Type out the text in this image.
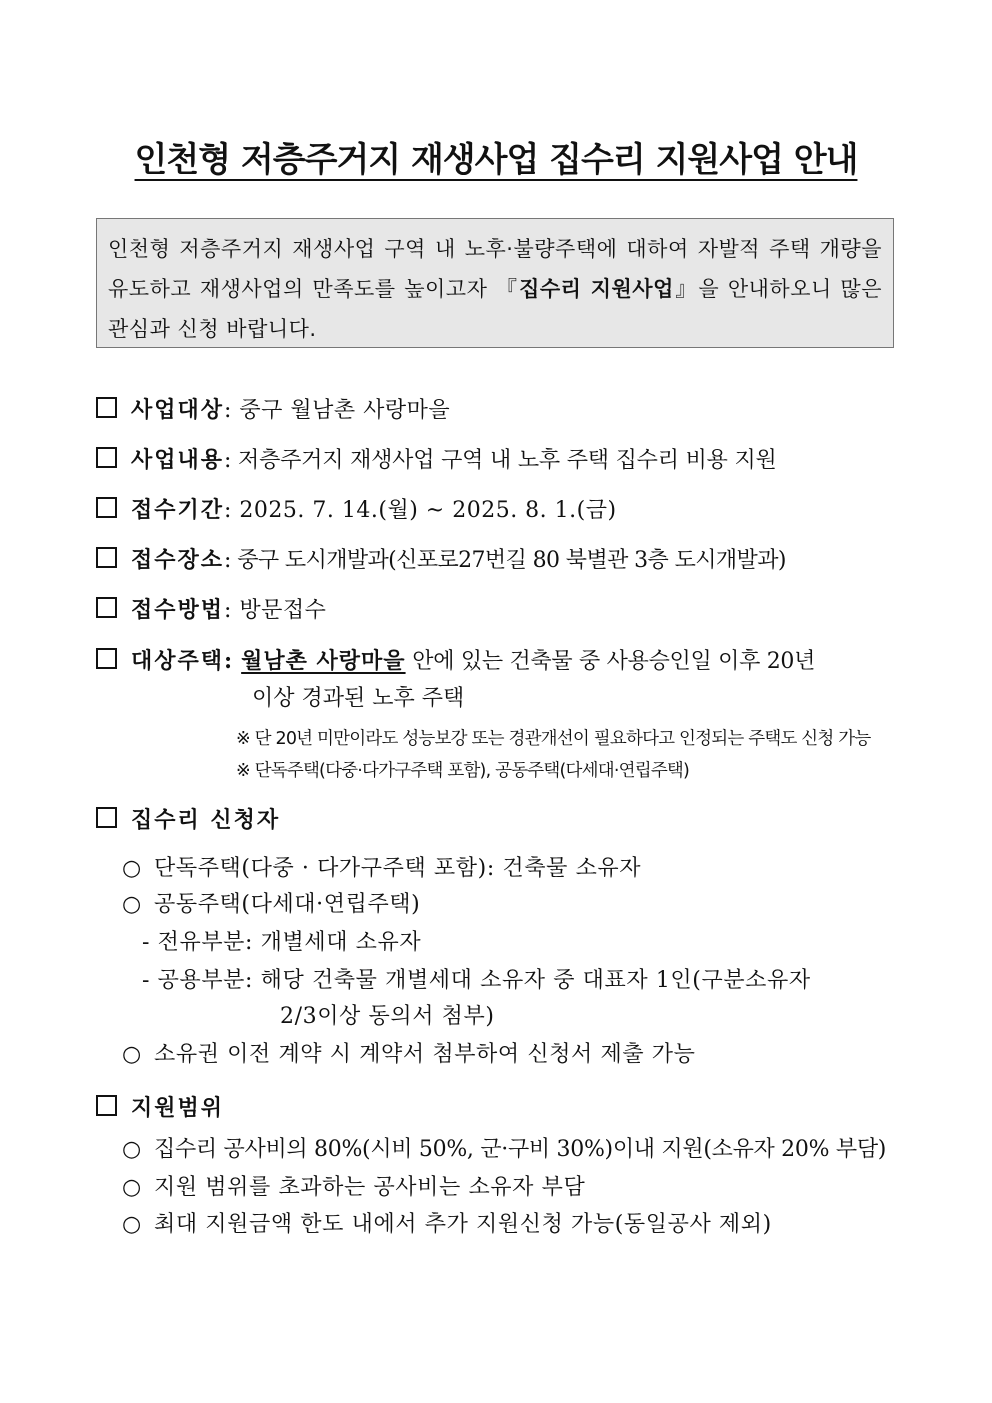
인천형 저층주거지 재생사업 집수리 지원사업 안내
인천형 저층주거지 재생사업 구역 내 노후·불량주택에 대하여 자발적 주택 개량을 유도하고 재생사업의 만족도를 높이고자 『집수리 지원사업』을 안내하오니 많은 관심과 신청 바랍니다.
사업대상: 중구 월남촌 사랑마을
사업내용: 저층주거지 재생사업 구역 내 노후 주택 집수리 비용 지원
접수기간: 2025. 7. 14.(월) ~ 2025. 8. 1.(금)
접수장소: 중구 도시개발과(신포로27번길 80 북별관 3층 도시개발과)
접수방법: 방문접수
대상주택: 월남촌 사랑마을 안에 있는 건축물 중 사용승인일 이후 20년
이상 경과된 노후 주택
※ 단 20년 미만이라도 성능보강 또는 경관개선이 필요하다고 인정되는 주택도 신청 가능
※ 단독주택(다중·다가구주택 포함), 공동주택(다세대·연립주택)
집수리 신청자
○ 단독주택(다중 · 다가구주택 포함): 건축물 소유자
○ 공동주택(다세대·연립주택)
- 전유부분: 개별세대 소유자
- 공용부분: 해당 건축물 개별세대 소유자 중 대표자 1인(구분소유자
2/3이상 동의서 첨부)
○ 소유권 이전 계약 시 계약서 첨부하여 신청서 제출 가능
지원범위
○ 집수리 공사비의 80%(시비 50%, 군·구비 30%)이내 지원(소유자 20% 부담)
○ 지원 범위를 초과하는 공사비는 소유자 부담
○ 최대 지원금액 한도 내에서 추가 지원신청 가능(동일공사 제외)
